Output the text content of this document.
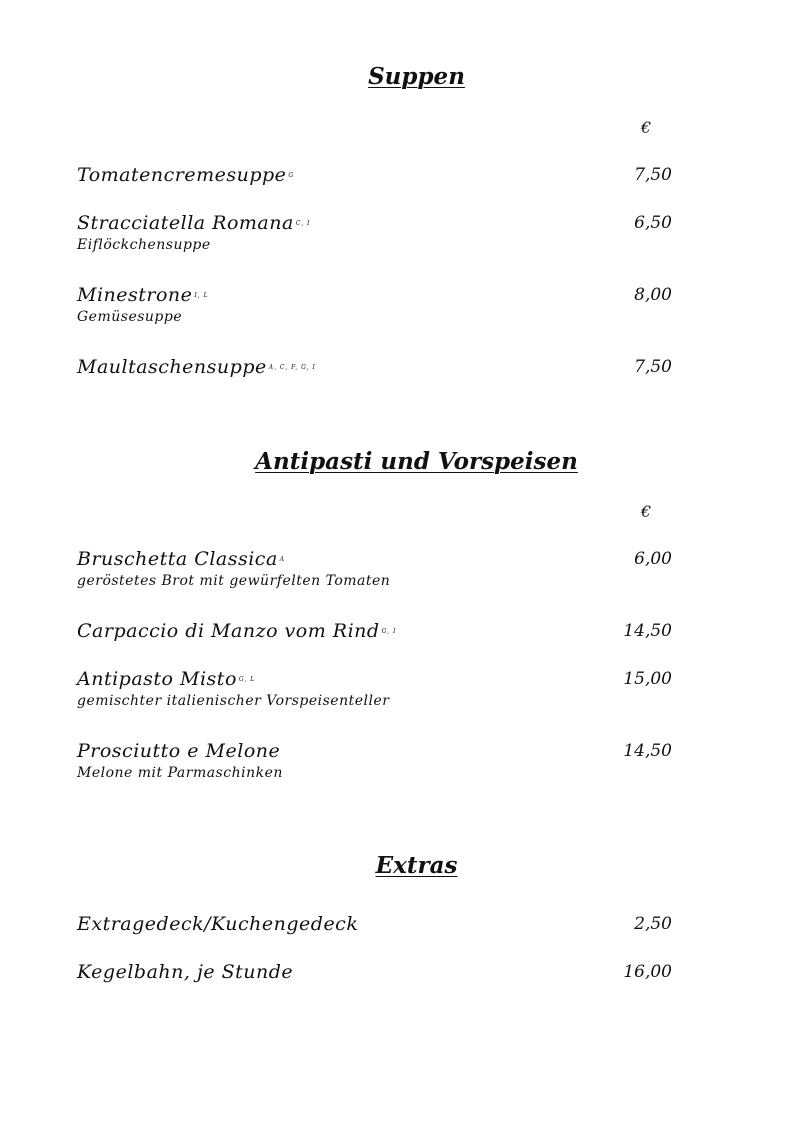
Suppen
€
Tomatencremesuppe $^G$	7,50
Stracciatella Romana $^{C, I}$	6,50
Eiflöckchensuppe
Minestrone $^{I, L}$	8,00
Gemüsesuppe
Maultaschensuppe $^{A, C, F, G, I}$	7,50
Antipasti und Vorspeisen
€
Bruschetta Classica $^A$	6,00
geröstetes Brot mit gewürfelten Tomaten
Carpaccio di Manzo vom Rind $^{G, I}$	14,50
Antipasto Misto $^{G, L}$	15,00
gemischter italienischer Vorspeisenteller
Prosciutto e Melone	14,50
Melone mit Parmaschinken
Extras
Extragedeck/Kuchengedeck	2,50
Kegelbahn, je Stunde	16,00
